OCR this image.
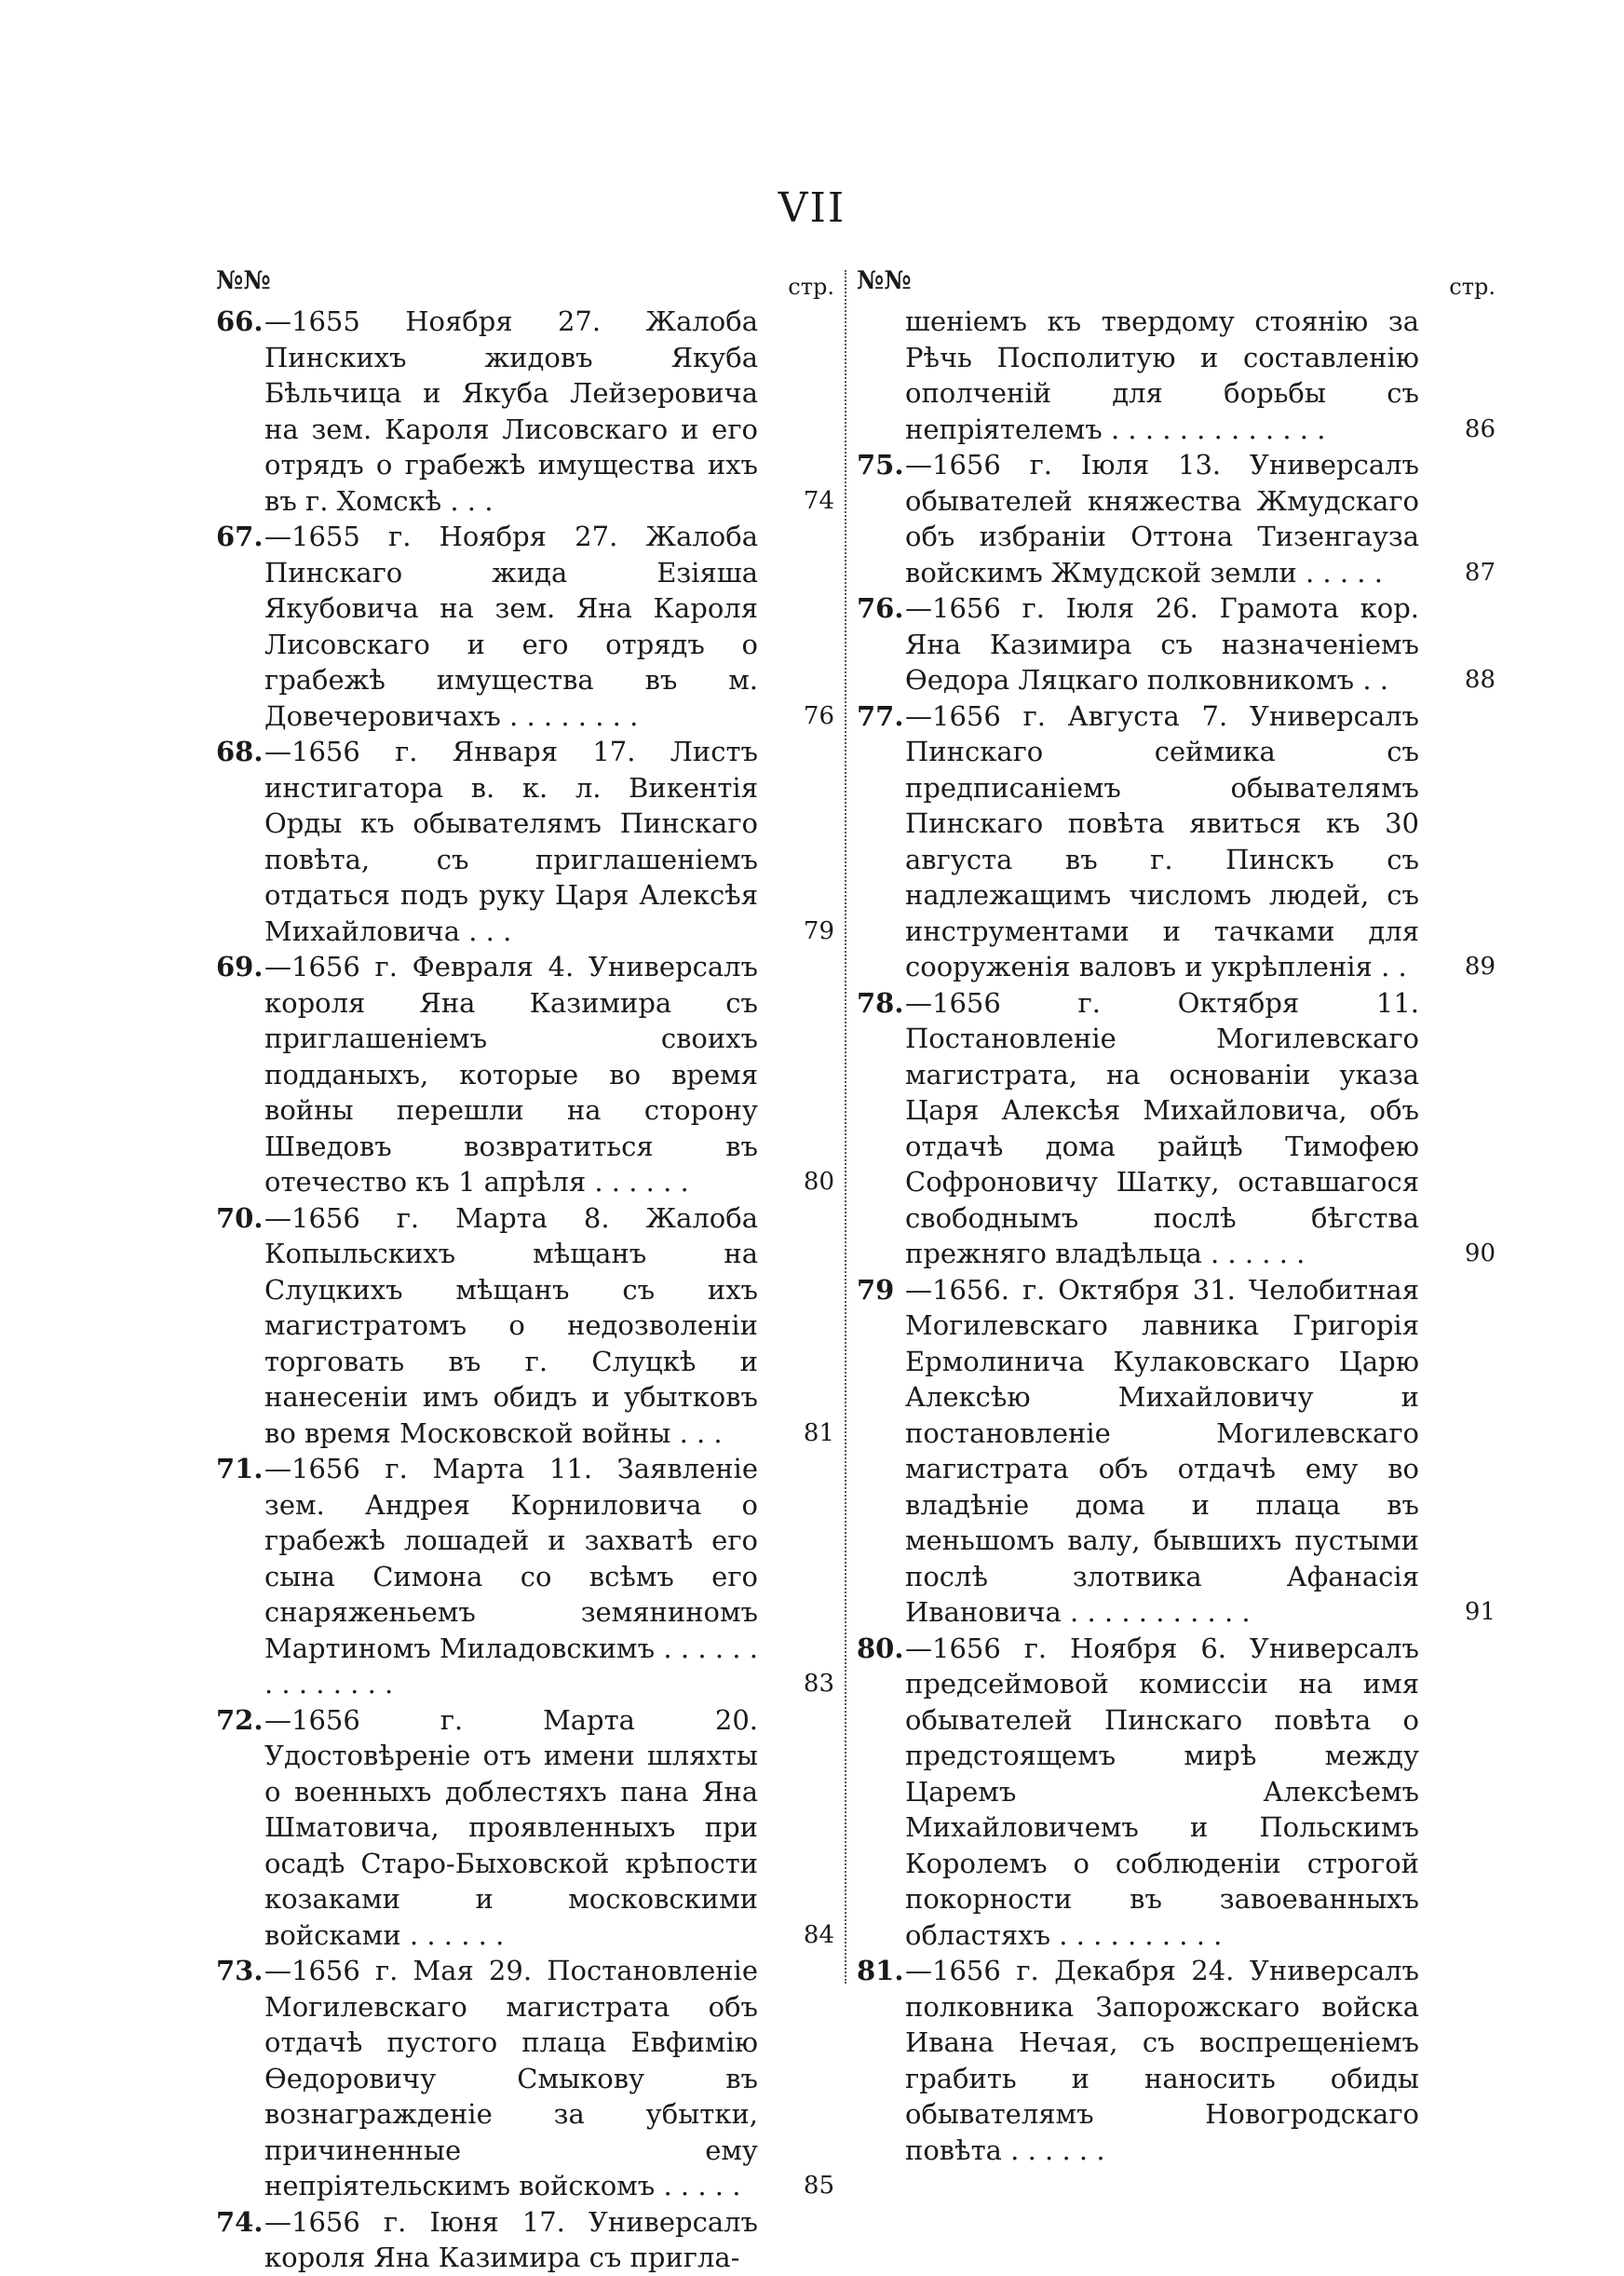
VII
№№	стр.
66. —1655 Ноября 27. Жалоба Пинскихъ жидовъ Якуба Бѣльчица и Якуба Лейзеровича на зем. Кароля Лисовскаго и его отрядъ о грабежѣ имущества ихъ въ г. Хомскѣ . . .	74
67. —1655 г. Ноября 27. Жалоба Пинскаго жида Езіяша Якубовича на зем. Яна Кароля Лисовскаго и его отрядъ о грабежѣ имущества въ м. Довечеровичахъ . . . . . . . .	76
68. —1656 г. Января 17. Листъ инстигатора в. к. л. Викентія Орды къ обывателямъ Пинскаго повѣта, съ приглашеніемъ отдаться подъ руку Царя Алексѣя Михайловича . . .	79
69. —1656 г. Февраля 4. Универсалъ короля Яна Казимира съ приглашеніемъ своихъ подданыхъ, которые во время войны перешли на сторону Шведовъ возвратиться въ отечество къ 1 апрѣля . . . . . .	80
70. —1656 г. Марта 8. Жалоба Копыльскихъ мѣщанъ на Слуцкихъ мѣщанъ съ ихъ магистратомъ о недозволеніи торговать въ г. Слуцкѣ и нанесеніи имъ обидъ и убытковъ во время Московской войны . . .	81
71. —1656 г. Марта 11. Заявленіе зем. Андрея Корниловича о грабежѣ лошадей и захватѣ его сына Симона со всѣмъ его снаряженьемъ земяниномъ Мартиномъ Миладовскимъ . . . . . . . . . . . . . .	83
72. —1656 г. Марта 20. Удостовѣреніе отъ имени шляхты о военныхъ доблестяхъ пана Яна Шматовича, проявленныхъ при осадѣ Старо-Быховской крѣпости козаками и московскими войсками . . . . . .	84
73. —1656 г. Мая 29. Постановленіе Могилевскаго магистрата объ отдачѣ пустого плаца Евфимію Өедоровичу Смыкову въ вознагражденіе за убытки, причиненные ему непріятельскимъ войскомъ . . . . .	85
74. —1656 г. Іюня 17. Универсалъ короля Яна Казимира съ пригла-
№№	стр.
шеніемъ къ твердому стоянію за Рѣчь Посполитую и составленію ополченій для борьбы съ непріятелемъ . . . . . . . . . . . . .	86
75. —1656 г. Іюля 13. Универсалъ обывателей княжества Жмудскаго объ избраніи Оттона Тизенгауза войскимъ Жмудской земли . . . . .	87
76. —1656 г. Іюля 26. Грамота кор. Яна Казимира съ назначеніемъ Өедора Ляцкаго полковникомъ . .	88
77. —1656 г. Августа 7. Универсалъ Пинскаго сеймика съ предписаніемъ обывателямъ Пинскаго повѣта явиться къ 30 августа въ г. Пинскъ съ надлежащимъ числомъ людей, съ инструментами и тачками для сооруженія валовъ и укрѣпленія . .	89
78. —1656 г. Октября 11. Постановленіе Могилевскаго магистрата, на основаніи указа Царя Алексѣя Михайловича, объ отдачѣ дома райцѣ Тимофею Софроновичу Шатку, оставшагося свободнымъ послѣ бѣгства прежняго владѣльца . . . . . .	90
79 —1656. г. Октября 31. Челобитная Могилевскаго лавника Григорія Ермолинича Кулаковскаго Царю Алексѣю Михайловичу и постановленіе Могилевскаго магистрата объ отдачѣ ему во владѣніе дома и плаца въ меньшомъ валу, бывшихъ пустыми послѣ злотвика Афанасія Ивановича . . . . . . . . . . .	91
80. —1656 г. Ноября 6. Универсалъ предсеймовой комиссіи на имя обывателей Пинскаго повѣта о предстоящемъ мирѣ между Царемъ Алексѣемъ Михайловичемъ и Польскимъ Королемъ о соблюденіи строгой покорности въ завоеванныхъ областяхъ . . . . . . . . . .
81. —1656 г. Декабря 24. Универсалъ полковника Запорожскаго войска Ивана Нечая, съ воспрещеніемъ грабить и наносить обиды обывателямъ Новогродскаго повѣта . . . . . .
